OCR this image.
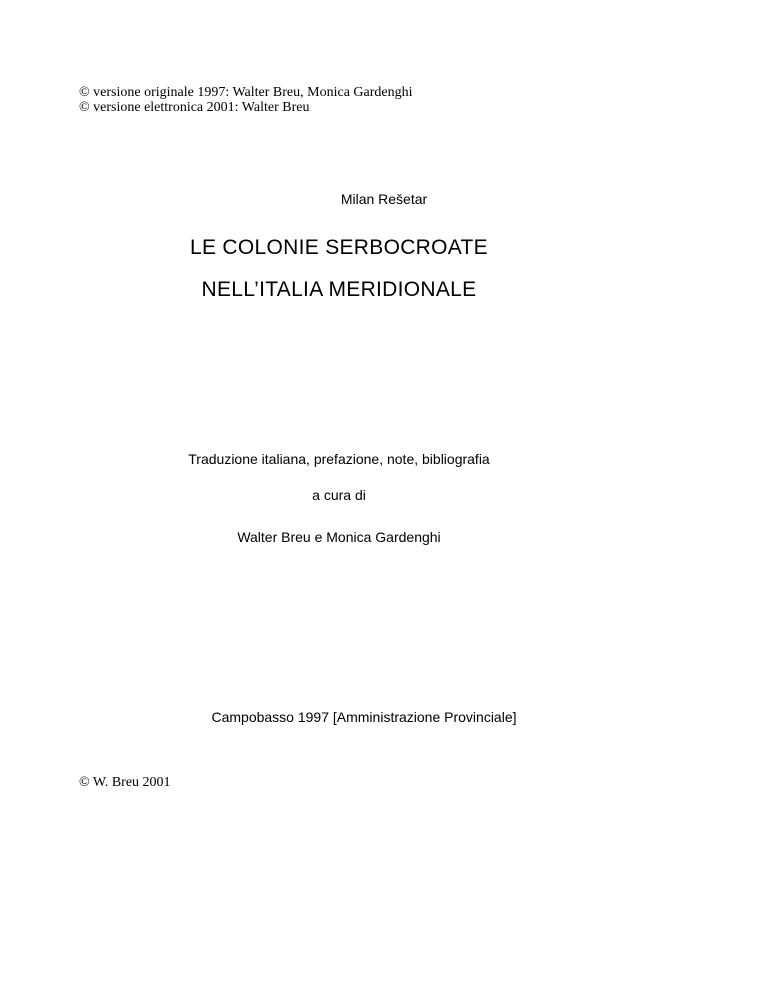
© versione originale 1997: Walter Breu, Monica Gardenghi
© versione elettronica 2001: Walter Breu
Milan Rešetar
LE COLONIE SERBOCROATE
NELL’ITALIA MERIDIONALE
Traduzione italiana, prefazione, note, bibliografia
a cura di
Walter Breu e Monica Gardenghi
Campobasso 1997 [Amministrazione Provinciale]
© W. Breu 2001
